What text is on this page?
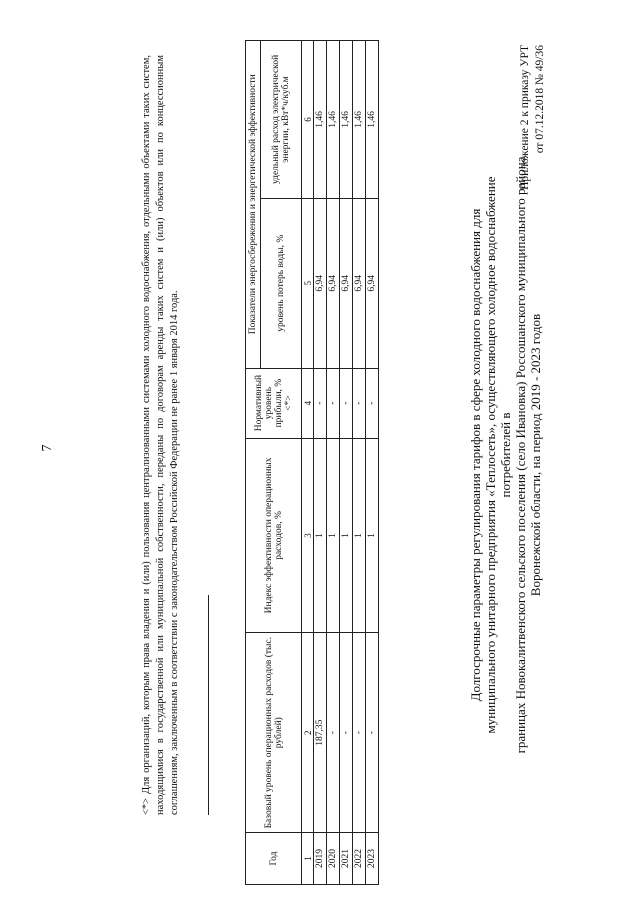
7
Приложение 2 к приказу УРТ от 07.12.2018 № 49/36
Долгосрочные параметры регулирования тарифов в сфере холодного водоснабжения для муниципального унитарного предприятия «Теплосеть», осуществляющего холодное водоснабжение потребителей в границах Новокалитвенского сельского поселения (село Ивановка) Россошанского муниципального района Воронежской области, на период 2019 - 2023 годов
Год	Базовый уровень операционных расходов (тыс. рублей)	Индекс эффективности операционных расходов, %	Нормативный уровень прибыли, % <*>	Показатели энергосбережения и энергетической эффективности	
				уровень потерь воды, %	удельный расход электрической энергии, кВт*ч/куб.м
1	2	3	4	5	6
2019	187,35	1	-	6,94	1,46
2020	-	1	-	6,94	1,46
2021	-	1	-	6,94	1,46
2022	-	1	-	6,94	1,46
2023	-	1	-	6,94	1,46
<*> Для организаций, которым права владения и (или) пользования централизованными системами холодного водоснабжения, отдельными объектами таких систем, находящимися в государственной или муниципальной собственности, переданы по договорам аренды таких систем и (или) объектов или по концессионным соглашениям, заключенным в соответствии с законодательством Российской Федерации не ранее 1 января 2014 года.
